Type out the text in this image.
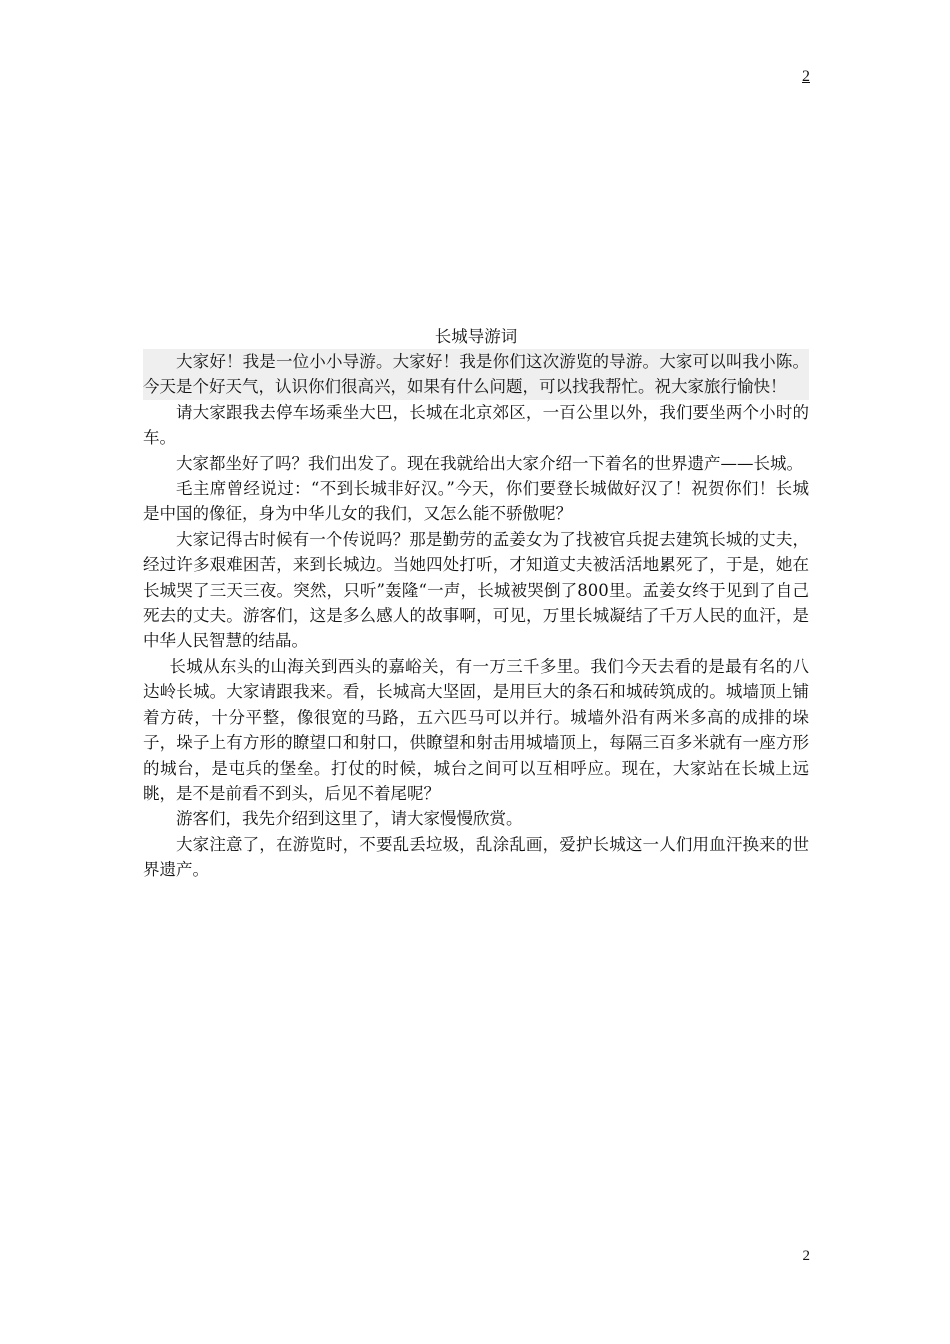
2
长城导游词

大家好！我是一位小小导游。大家好！我是你们这次游览的导游。大家可以叫我小陈。今天是个好天气，认识你们很高兴，如果有什么问题，可以找我帮忙。祝大家旅行愉快！

请大家跟我去停车场乘坐大巴，长城在北京郊区，一百公里以外，我们要坐两个小时的车。

大家都坐好了吗？我们出发了。现在我就给出大家介绍一下着名的世界遗产——长城。

毛主席曾经说过：“不到长城非好汉。”今天，你们要登长城做好汉了！祝贺你们！长城是中国的像征，身为中华儿女的我们，又怎么能不骄傲呢？

大家记得古时候有一个传说吗？那是勤劳的孟姜女为了找被官兵捉去建筑长城的丈夫，经过许多艰难困苦，来到长城边。当她四处打听，才知道丈夫被活活地累死了，于是，她在长城哭了三天三夜。突然，只听”轰隆“一声，长城被哭倒了800里。孟姜女终于见到了自己死去的丈夫。游客们，这是多么感人的故事啊，可见，万里长城凝结了千万人民的血汗，是中华人民智慧的结晶。

长城从东头的山海关到西头的嘉峪关，有一万三千多里。我们今天去看的是最有名的八达岭长城。大家请跟我来。看，长城高大坚固，是用巨大的条石和城砖筑成的。城墙顶上铺着方砖，十分平整，像很宽的马路，五六匹马可以并行。城墙外沿有两米多高的成排的垛子，垛子上有方形的瞭望口和射口，供瞭望和射击用城墙顶上，每隔三百多米就有一座方形的城台，是屯兵的堡垒。打仗的时候，城台之间可以互相呼应。现在，大家站在长城上远眺，是不是前看不到头，后见不着尾呢？

游客们，我先介绍到这里了，请大家慢慢欣赏。

大家注意了，在游览时，不要乱丢垃圾，乱涂乱画，爱护长城这一人们用血汗换来的世界遗产。

2
